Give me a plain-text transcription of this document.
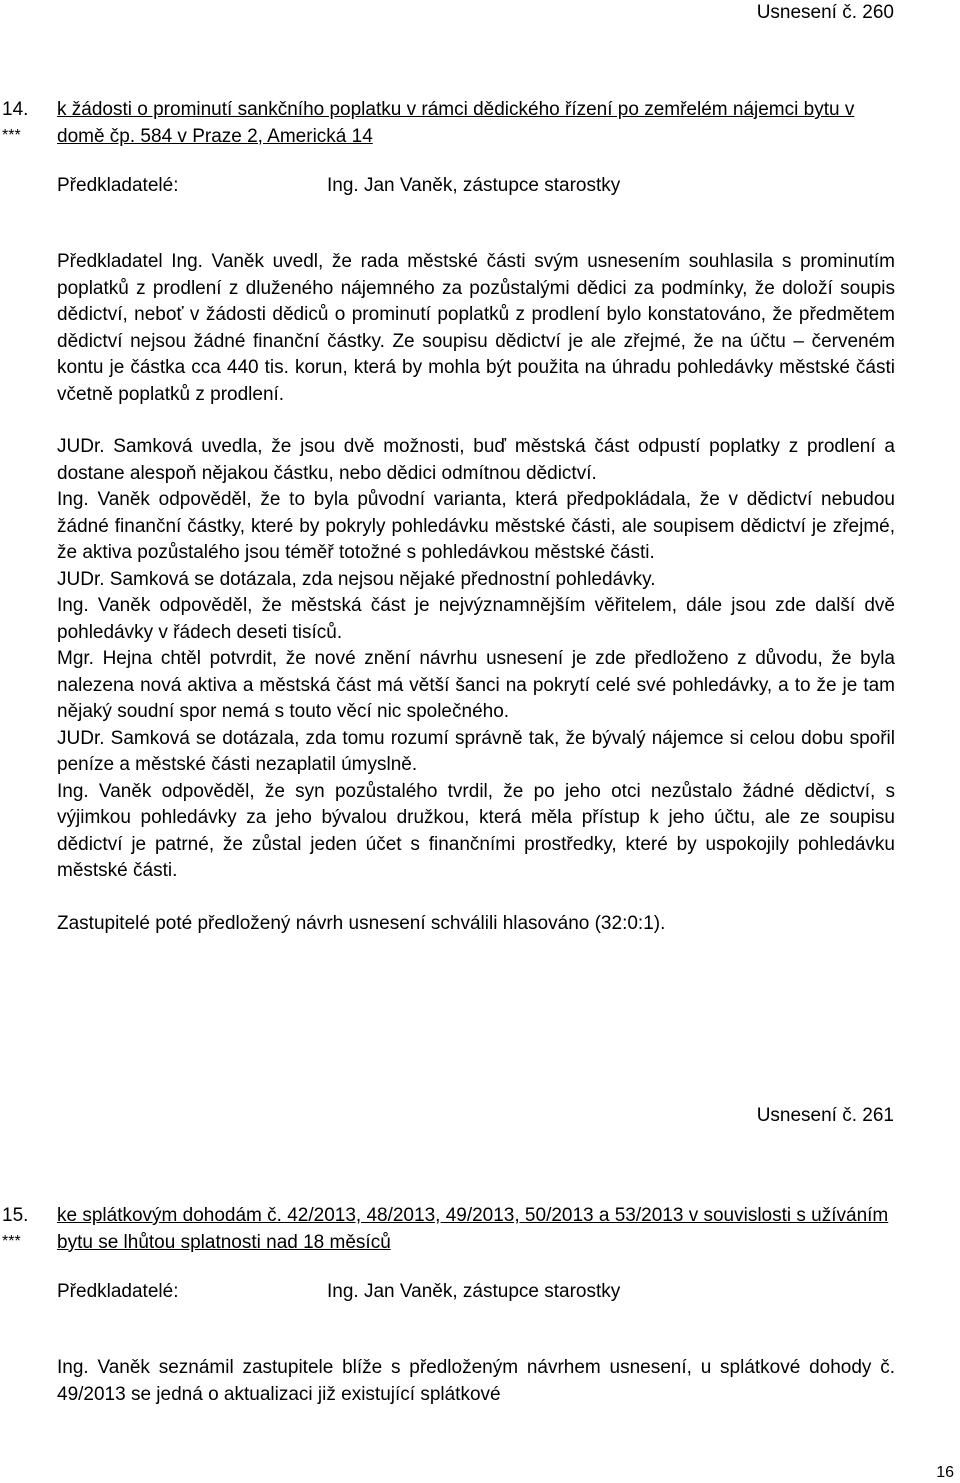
Usnesení č. 260
14.
***
k žádosti o prominutí sankčního poplatku v rámci dědického řízení po zemřelém nájemci bytu v domě čp. 584 v Praze 2, Americká 14
Předkladatelé:	Ing. Jan Vaněk, zástupce starostky

Předkladatel Ing. Vaněk uvedl, že rada městské části svým usnesením souhlasila s prominutím poplatků z prodlení z dluženého nájemného za pozůstalými dědici za podmínky, že doloží soupis dědictví, neboť v žádosti dědiců o prominutí poplatků z prodlení bylo konstatováno, že předmětem dědictví nejsou žádné finanční částky. Ze soupisu dědictví je ale zřejmé, že na účtu – červeném kontu je částka cca 440 tis. korun, která by mohla být použita na úhradu pohledávky městské části včetně poplatků z prodlení.

JUDr. Samková uvedla, že jsou dvě možnosti, buď městská část odpustí poplatky z prodlení a dostane alespoň nějakou částku, nebo dědici odmítnou dědictví.

Ing. Vaněk odpověděl, že to byla původní varianta, která předpokládala, že v dědictví nebudou žádné finanční částky, které by pokryly pohledávku městské části, ale soupisem dědictví je zřejmé, že aktiva pozůstalého jsou téměř totožné s pohledávkou městské části.

JUDr. Samková se dotázala, zda nejsou nějaké přednostní pohledávky.

Ing. Vaněk odpověděl, že městská část je nejvýznamnějším věřitelem, dále jsou zde další dvě pohledávky v řádech deseti tisíců.

Mgr. Hejna chtěl potvrdit, že nové znění návrhu usnesení je zde předloženo z důvodu, že byla nalezena nová aktiva a městská část má větší šanci na pokrytí celé své pohledávky, a to že je tam nějaký soudní spor nemá s touto věcí nic společného.

JUDr. Samková se dotázala, zda tomu rozumí správně tak, že bývalý nájemce si celou dobu spořil peníze a městské části nezaplatil úmyslně.

Ing. Vaněk odpověděl, že syn pozůstalého tvrdil, že po jeho otci nezůstalo žádné dědictví, s výjimkou pohledávky za jeho bývalou družkou, která měla přístup k jeho účtu, ale ze soupisu dědictví je patrné, že zůstal jeden účet s finančními prostředky, které by uspokojily pohledávku městské části.

Zastupitelé poté předložený návrh usnesení schválili hlasováno (32:0:1).

Usnesení č. 261
15.
***
ke splátkovým dohodám č. 42/2013, 48/2013, 49/2013, 50/2013 a 53/2013 v souvislosti s užíváním bytu se lhůtou splatnosti nad 18 měsíců
Předkladatelé:	Ing. Jan Vaněk, zástupce starostky

Ing. Vaněk seznámil zastupitele blíže s předloženým návrhem usnesení, u splátkové dohody č. 49/2013 se jedná o aktualizaci již existující splátkové

16
